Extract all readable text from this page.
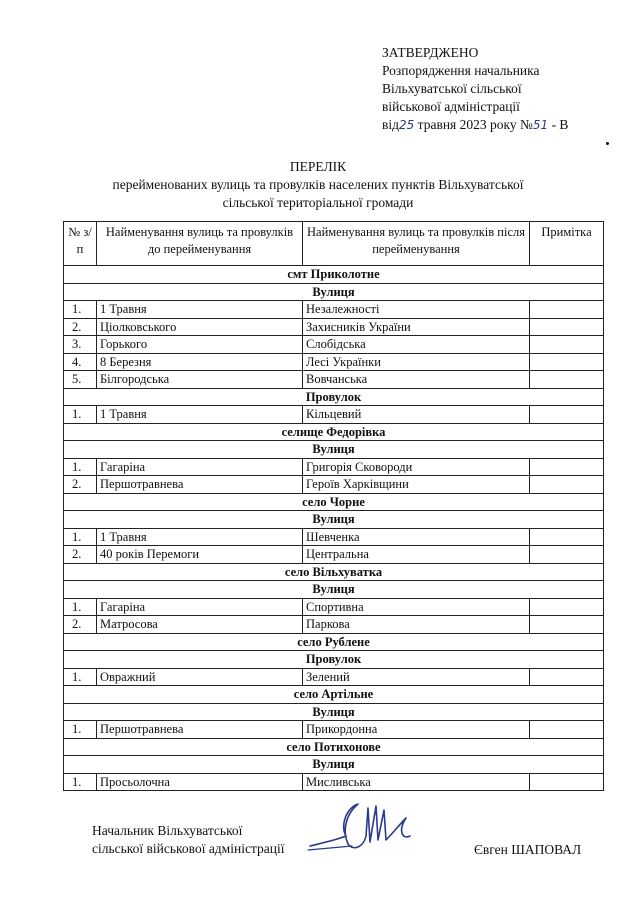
ЗАТВЕРДЖЕНО
Розпорядження начальника
Вільхуватської сільської
військової адміністрації
від25 травня 2023 року №51 - В
ПЕРЕЛІК
перейменованих вулиць та провулків населених пунктів Вільхуватської
сільської територіальної громади
№ з/п	Найменування вулиць та провулків до перейменування	Найменування вулиць та провулків після перейменування	Примітка
смт Приколотне			
Вулиця			
1.	1 Травня	Незалежності	
2.	Ціолковського	Захисників України	
3.	Горького	Слобідська	
4.	8 Березня	Лесі Українки	
5.	Білгородська	Вовчанська	
Провулок			
1.	1 Травня	Кільцевий	
селище Федорівка			
Вулиця			
1.	Гагаріна	Григорія Сковороди	
2.	Першотравнева	Героїв Харківщини	
село Чорне			
Вулиця			
1.	1 Травня	Шевченка	
2.	40 років Перемоги	Центральна	
село Вільхуватка			
Вулиця			
1.	Гагаріна	Спортивна	
2.	Матросова	Паркова	
село Рублене			
Провулок			
1.	Овражний	Зелений	
село Артільне			
Вулиця			
1.	Першотравнева	Прикордонна	
село Потихонове			
Вулиця			
1.	Просьолочна	Мисливська	
Начальник Вільхуватської
сільської військової адміністрації	Євген ШАПОВАЛ
